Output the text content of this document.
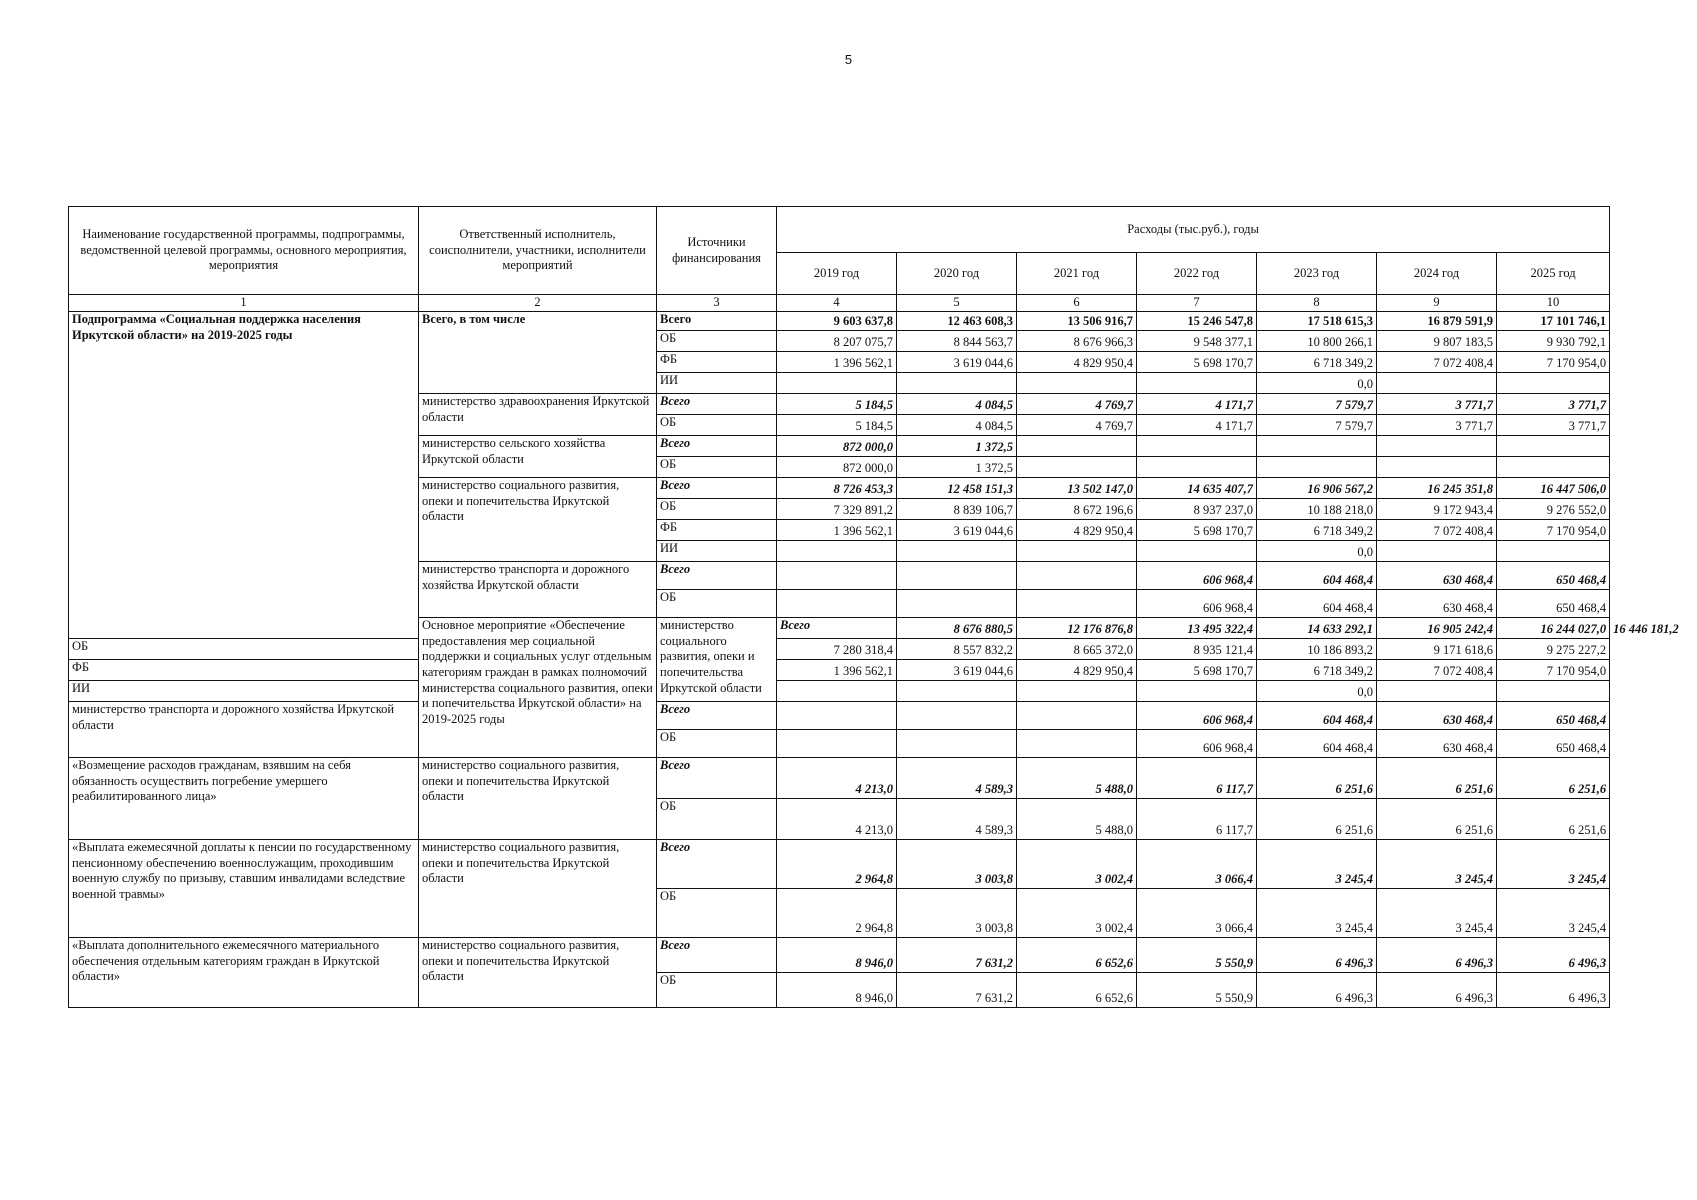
5
Наименование государственной программы, подпрограммы, ведомственной целевой программы, основного мероприятия, мероприятия	Ответственный исполнитель, соисполнители, участники, исполнители мероприятий	Источники финансирования	Расходы (тыс.руб.), годы							
			2019 год	2020 год	2021 год	2022 год	2023 год	2024 год	2025 год	
1	2	3	4	5	6	7	8	9	10	
Подпрограмма «Социальная поддержка населения Иркутской области» на 2019-2025 годы	Всего, в том числе	Всего	9 603 637,8	12 463 608,3	13 506 916,7	15 246 547,8	17 518 615,3	16 879 591,9	17 101 746,1	
		ОБ	8 207 075,7	8 844 563,7	8 676 966,3	9 548 377,1	10 800 266,1	9 807 183,5	9 930 792,1	
		ФБ	1 396 562,1	3 619 044,6	4 829 950,4	5 698 170,7	6 718 349,2	7 072 408,4	7 170 954,0	
		ИИ					0,0			
	министерство здравоохранения Иркутской области	Всего	5 184,5	4 084,5	4 769,7	4 171,7	7 579,7	3 771,7	3 771,7	
		ОБ	5 184,5	4 084,5	4 769,7	4 171,7	7 579,7	3 771,7	3 771,7	
	министерство сельского хозяйства Иркутской области	Всего	872 000,0	1 372,5						
		ОБ	872 000,0	1 372,5						
	министерство социального развития, опеки и попечительства Иркутской области	Всего	8 726 453,3	12 458 151,3	13 502 147,0	14 635 407,7	16 906 567,2	16 245 351,8	16 447 506,0	
		ОБ	7 329 891,2	8 839 106,7	8 672 196,6	8 937 237,0	10 188 218,0	9 172 943,4	9 276 552,0	
		ФБ	1 396 562,1	3 619 044,6	4 829 950,4	5 698 170,7	6 718 349,2	7 072 408,4	7 170 954,0	
		ИИ					0,0			
	министерство транспорта и дорожного хозяйства Иркутской области	Всего				606 968,4	604 468,4	630 468,4	650 468,4	
		ОБ				606 968,4	604 468,4	630 468,4	650 468,4	
	Основное мероприятие «Обеспечение предоставления мер социальной поддержки и социальных услуг отдельным категориям граждан в рамках полномочий министерства социального развития, опеки и попечительства Иркутской области» на 2019-2025 годы	министерство социального развития, опеки и попечительства Иркутской области	Всего	8 676 880,5	12 176 876,8	13 495 322,4	14 633 292,1	16 905 242,4	16 244 027,0	16 446 181,2
ОБ			7 280 318,4	8 557 832,2	8 665 372,0	8 935 121,4	10 186 893,2	9 171 618,6	9 275 227,2	
ФБ			1 396 562,1	3 619 044,6	4 829 950,4	5 698 170,7	6 718 349,2	7 072 408,4	7 170 954,0	
ИИ							0,0			
министерство транспорта и дорожного хозяйства Иркутской области		Всего				606 968,4	604 468,4	630 468,4	650 468,4	
		ОБ				606 968,4	604 468,4	630 468,4	650 468,4	
«Возмещение расходов гражданам, взявшим на себя обязанность осуществить погребение умершего реабилитированного лица»	министерство социального развития, опеки и попечительства Иркутской области	Всего	4 213,0	4 589,3	5 488,0	6 117,7	6 251,6	6 251,6	6 251,6	
		ОБ	4 213,0	4 589,3	5 488,0	6 117,7	6 251,6	6 251,6	6 251,6	
«Выплата ежемесячной доплаты к пенсии по государственному пенсионному обеспечению военнослужащим, проходившим военную службу по призыву, ставшим инвалидами вследствие военной травмы»	министерство социального развития, опеки и попечительства Иркутской области	Всего	2 964,8	3 003,8	3 002,4	3 066,4	3 245,4	3 245,4	3 245,4	
		ОБ	2 964,8	3 003,8	3 002,4	3 066,4	3 245,4	3 245,4	3 245,4	
«Выплата дополнительного ежемесячного материального обеспечения отдельным категориям граждан в Иркутской области»	министерство социального развития, опеки и попечительства Иркутской области	Всего	8 946,0	7 631,2	6 652,6	5 550,9	6 496,3	6 496,3	6 496,3	
		ОБ	8 946,0	7 631,2	6 652,6	5 550,9	6 496,3	6 496,3	6 496,3	
